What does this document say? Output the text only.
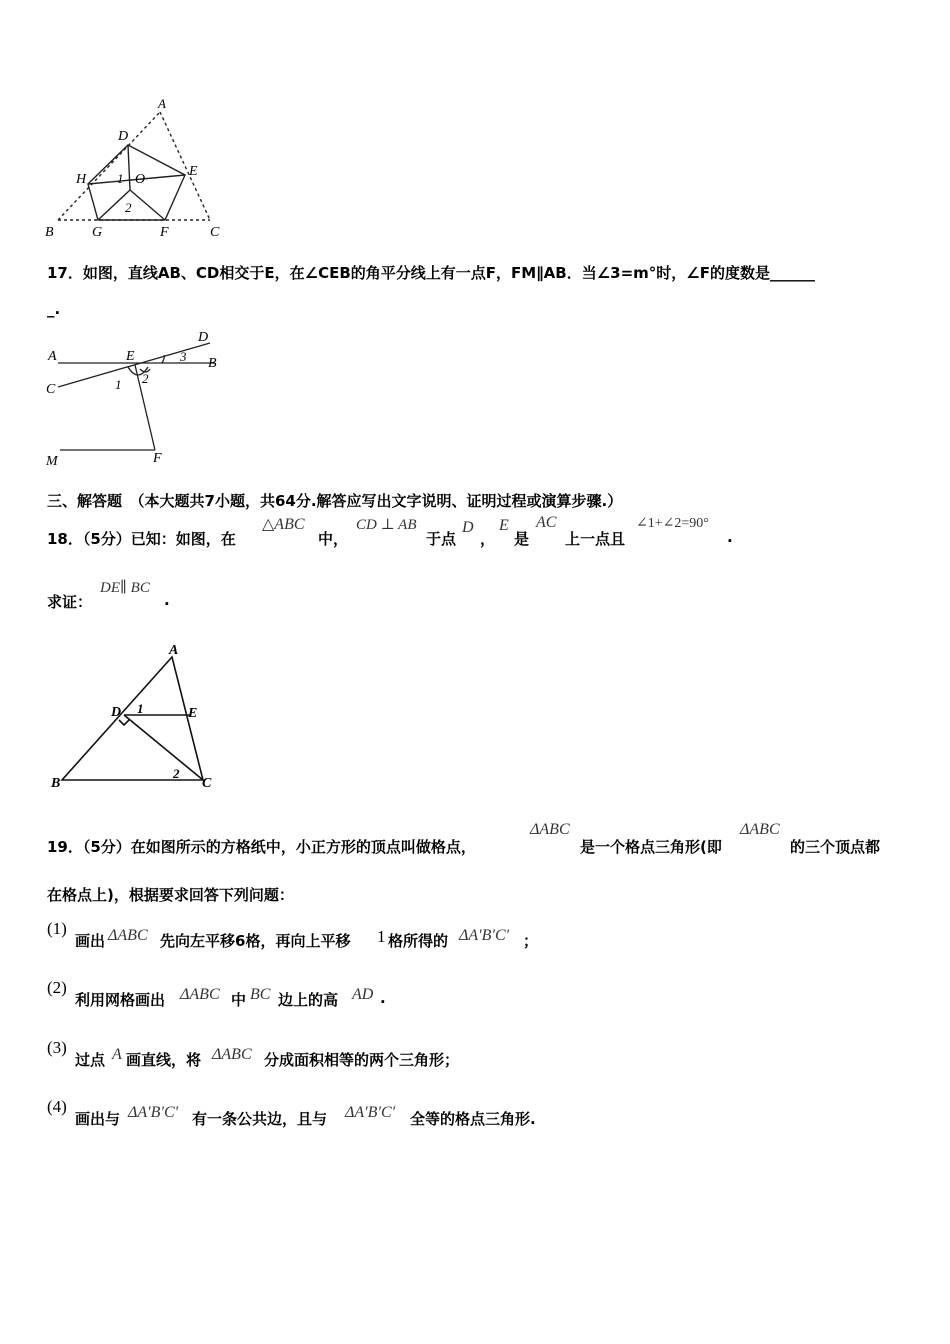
A
D
E
H	O
1
2
B	G	F	C
17．如图，直线AB、CD相交于E，在∠CEB的角平分线上有一点F，FM∥AB．当∠3=m°时，∠F的度数是______
_.
A	E
D
3 B
C	1 2
M	F
三、解答题　（本大题共7小题，共64分.解答应写出文字说明、证明过程或演算步骤.）
18．（5分）已知：如图，在
△ABC
中，
CD ⊥ AB
于点
D
，
E
是
AC
上一点且
∠1+∠2=90°
.
求证：
DE∥ BC
.
A
D 1	E
B
2
C
19．（5分）在如图所示的方格纸中，小正方形的顶点叫做格点，
ΔABC
是一个格点三角形(即
ΔABC
的三个顶点都
在格点上)，根据要求回答下列问题：
(1)
画出 ΔABC 先向左平移6格，再向上平移 1 格所得的 ΔA′B′C′ ；
(2)
利用网格画出 ΔABC 中 BC 边上的高 AD .
(3)
过点 A 画直线，将 ΔABC 分成面积相等的两个三角形；
(4)
画出与 ΔA′B′C′ 有一条公共边，且与 ΔA′B′C′ 全等的格点三角形.
